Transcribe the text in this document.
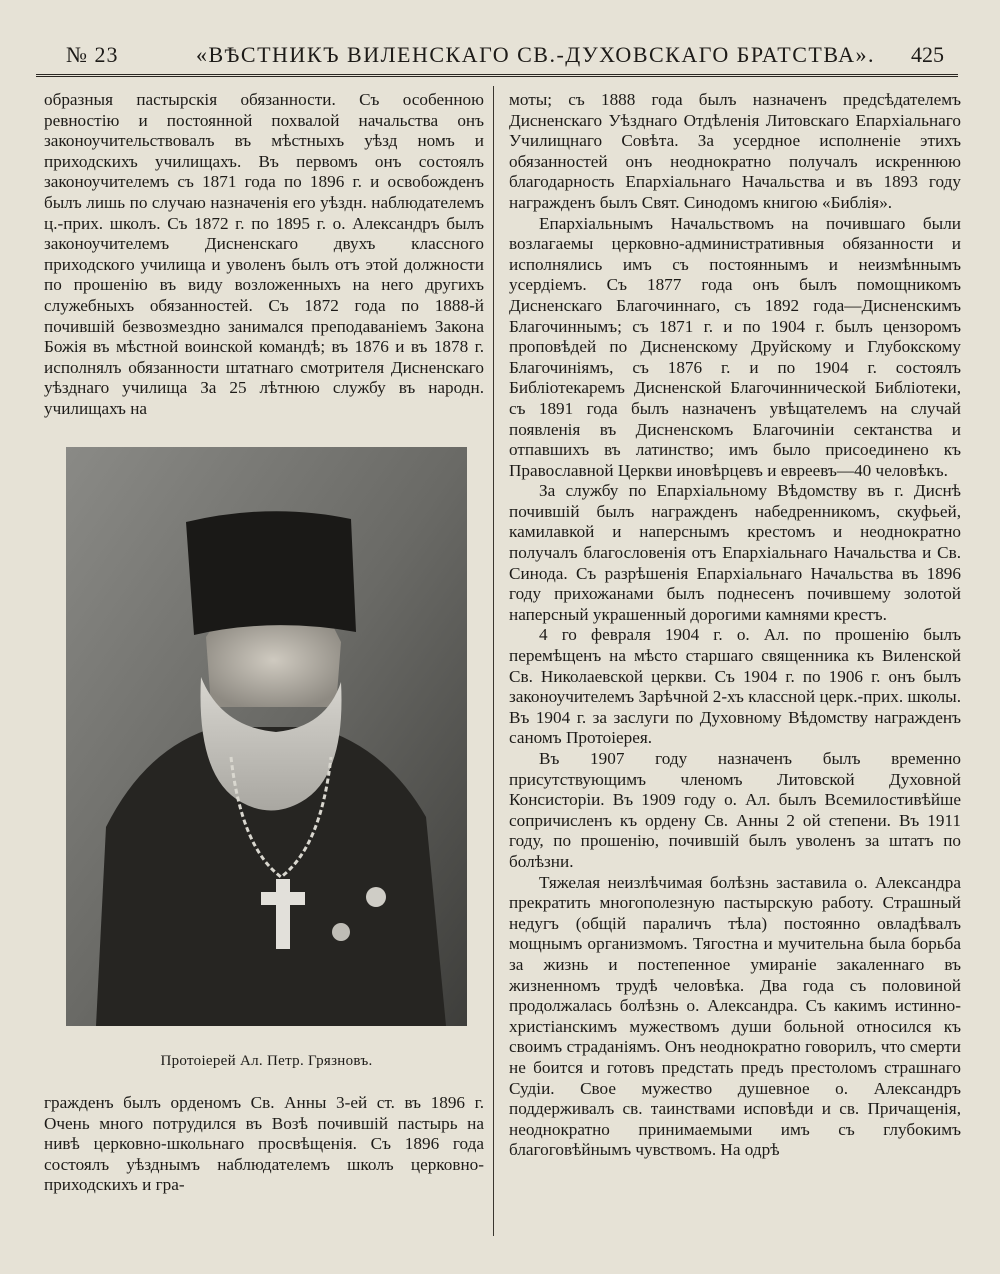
№ 23	«ВѢСТНИКЪ ВИЛЕНСКАГО СВ.-ДУХОВСКАГО БРАТСТВА». 425

образныя пастырскія обязанности. Съ особенною ревностію и постоянной похвалой начальства онъ законоучительствовалъ въ мѣстныхъ уѣзд номъ и приходскихъ училищахъ. Въ первомъ онъ состоялъ законоучителемъ съ 1871 года по 1896 г. и освобожденъ былъ лишь по случаю назначенія его уѣздн. наблюдателемъ ц.-прих. школъ. Съ 1872 г. по 1895 г. о. Александръ былъ законоучителемъ Дисненскаго двухъ классного приходского училища и уволенъ былъ отъ этой должности по прошенію въ виду возложенныхъ на него другихъ служебныхъ обязанностей. Съ 1872 года по 1888-й почившій безвозмездно занимался преподаваніемъ Закона Божія въ мѣстной воинской командѣ; въ 1876 и въ 1878 г. исполнялъ обязанности штатнаго смотрителя Дисненскаго уѣзднаго училища За 25 лѣтнюю службу въ народн. училищахъ на

Протоіерей Ал. Петр. Грязновъ.

гражденъ былъ орденомъ Св. Анны 3-ей ст. въ 1896 г. Очень много потрудился въ Возѣ почившій пастырь на нивѣ церковно-школьнаго просвѣщенія. Съ 1896 года состоялъ уѣзднымъ наблюдателемъ школъ церковно-приходскихъ и гра-

моты; съ 1888 года былъ назначенъ предсѣдателемъ Дисненскаго Уѣзднаго Отдѣленія Литовскаго Епархіальнаго Училищнаго Совѣта. За усердное исполненіе этихъ обязанностей онъ неоднократно получалъ искреннюю благодарность Епархіальнаго Начальства и въ 1893 году награжденъ былъ Свят. Синодомъ книгою «Библія».

Епархіальнымъ Начальствомъ на почившаго были возлагаемы церковно-административныя обязанности и исполнялись имъ съ постояннымъ и неизмѣннымъ усердіемъ. Съ 1877 года онъ былъ помощникомъ Дисненскаго Благочиннаго, съ 1892 года—Дисненскимъ Благочиннымъ; съ 1871 г. и по 1904 г. былъ цензоромъ проповѣдей по Дисненскому Друйскому и Глубокскому Благочиніямъ, съ 1876 г. и по 1904 г. состоялъ Библіотекаремъ Дисненской Благочиннической Библіотеки, съ 1891 года былъ назначенъ увѣщателемъ на случай появленія въ Дисненскомъ Благочиніи сектанства и отпавшихъ въ латинство; имъ было присоединено къ Православной Церкви иновѣрцевъ и евреевъ—40 человѣкъ.

За службу по Епархіальному Вѣдомству въ г. Диснѣ почившій былъ награжденъ набедренникомъ, скуфьей, камилавкой и наперснымъ крестомъ и неоднократно получалъ благословенія отъ Епархіальнаго Начальства и Св. Синода. Съ разрѣшенія Епархіальнаго Начальства въ 1896 году прихожанами былъ поднесенъ почившему золотой наперсный украшенный дорогими камнями крестъ.

4 го февраля 1904 г. о. Ал. по прошенію былъ перемѣщенъ на мѣсто старшаго священника къ Виленской Св. Николаевской церкви. Съ 1904 г. по 1906 г. онъ былъ законоучителемъ Зарѣчной 2-хъ классной церк.-прих. школы. Въ 1904 г. за заслуги по Духовному Вѣдомству награжденъ саномъ Протоіерея.

Въ 1907 году назначенъ былъ временно присутствующимъ членомъ Литовской Духовной Консисторіи. Въ 1909 году о. Ал. былъ Всемилостивѣйше сопричисленъ къ ордену Св. Анны 2 ой степени. Въ 1911 году, по прошенію, почившій былъ уволенъ за штатъ по болѣзни.

Тяжелая неизлѣчимая болѣзнь заставила о. Александра прекратить многополезную пастырскую работу. Страшный недугъ (общій параличъ тѣла) постоянно овладѣвалъ мощнымъ организмомъ. Тягостна и мучительна была борьба за жизнь и постепенное умираніе закаленнаго въ жизненномъ трудѣ человѣка. Два года съ половиной продолжалась болѣзнь о. Александра. Съ какимъ истинно-христіанскимъ мужествомъ души больной относился къ своимъ страданіямъ. Онъ неоднократно говорилъ, что смерти не боится и готовъ предстать предъ престоломъ страшнаго Судіи. Свое мужество душевное о. Александръ поддерживалъ св. таинствами исповѣди и св. Причащенія, неоднократно принимаемыми имъ съ глубокимъ благоговѣйнымъ чувствомъ. На одрѣ
